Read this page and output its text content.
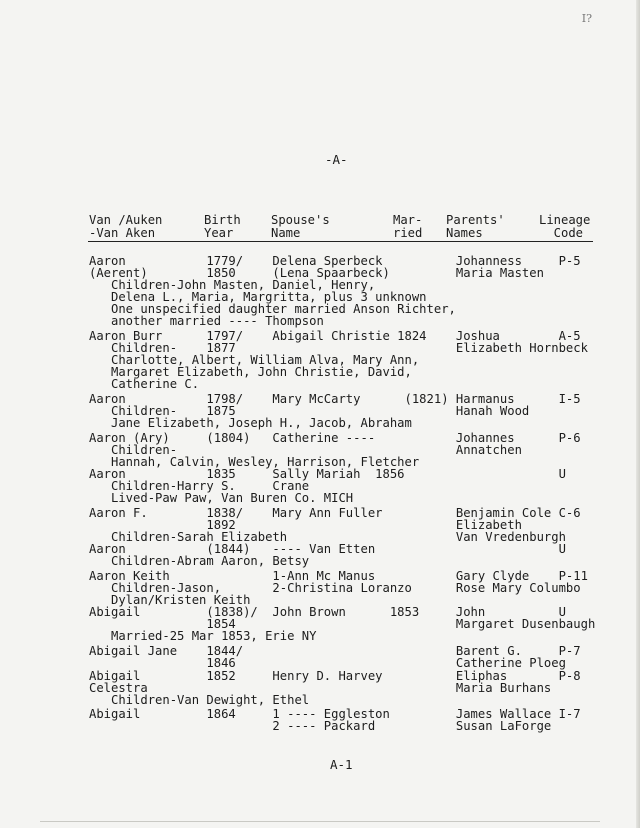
I?
-A-
Van /Auken
-Van Aken
Birth
Year
Spouse's
Name
Mar-
ried
Parents'
Names
Lineage
Code
Aaron           1779/    Delena Sperbeck          Johanness     P-5
(Aerent)        1850     (Lena Spaarbeck)         Maria Masten
Children-John Masten, Daniel, Henry,
Delena L., Maria, Margritta, plus 3 unknown
One unspecified daughter married Anson Richter,
another married ---- Thompson
Aaron Burr      1797/    Abigail Christie 1824    Joshua        A-5
Children-    1877                              Elizabeth Hornbeck
Charlotte, Albert, William Alva, Mary Ann,
Margaret Elizabeth, John Christie, David,
Catherine C.
Aaron           1798/    Mary McCarty      (1821) Harmanus      I-5
Children-    1875                              Hanah Wood
Jane Elizabeth, Joseph H., Jacob, Abraham
Aaron (Ary)     (1804)   Catherine ----           Johannes      P-6
Children-                                      Annatchen
Hannah, Calvin, Wesley, Harrison, Fletcher
Aaron           1835     Sally Mariah  1856                     U
Children-Harry S.     Crane
Lived-Paw Paw, Van Buren Co. MICH
Aaron F.        1838/    Mary Ann Fuller          Benjamin Cole C-6
1892                              Elizabeth
Children-Sarah Elizabeth                       Van Vredenburgh
Aaron           (1844)   ---- Van Etten                         U
Children-Abram Aaron, Betsy
Aaron Keith              1-Ann Mc Manus           Gary Clyde    P-11
Children-Jason,       2-Christina Loranzo      Rose Mary Columbo
Dylan/Kristen Keith
Abigail         (1838)/  John Brown      1853     John          U
1854                              Margaret Dusenbaugh
Married-25 Mar 1853, Erie NY
Abigail Jane    1844/                             Barent G.     P-7
1846                              Catherine Ploeg
Abigail         1852     Henry D. Harvey          Eliphas       P-8
Celestra                                          Maria Burhans
Children-Van Dewight, Ethel
Abigail         1864     1 ---- Eggleston         James Wallace I-7
2 ---- Packard           Susan LaForge
A-1
